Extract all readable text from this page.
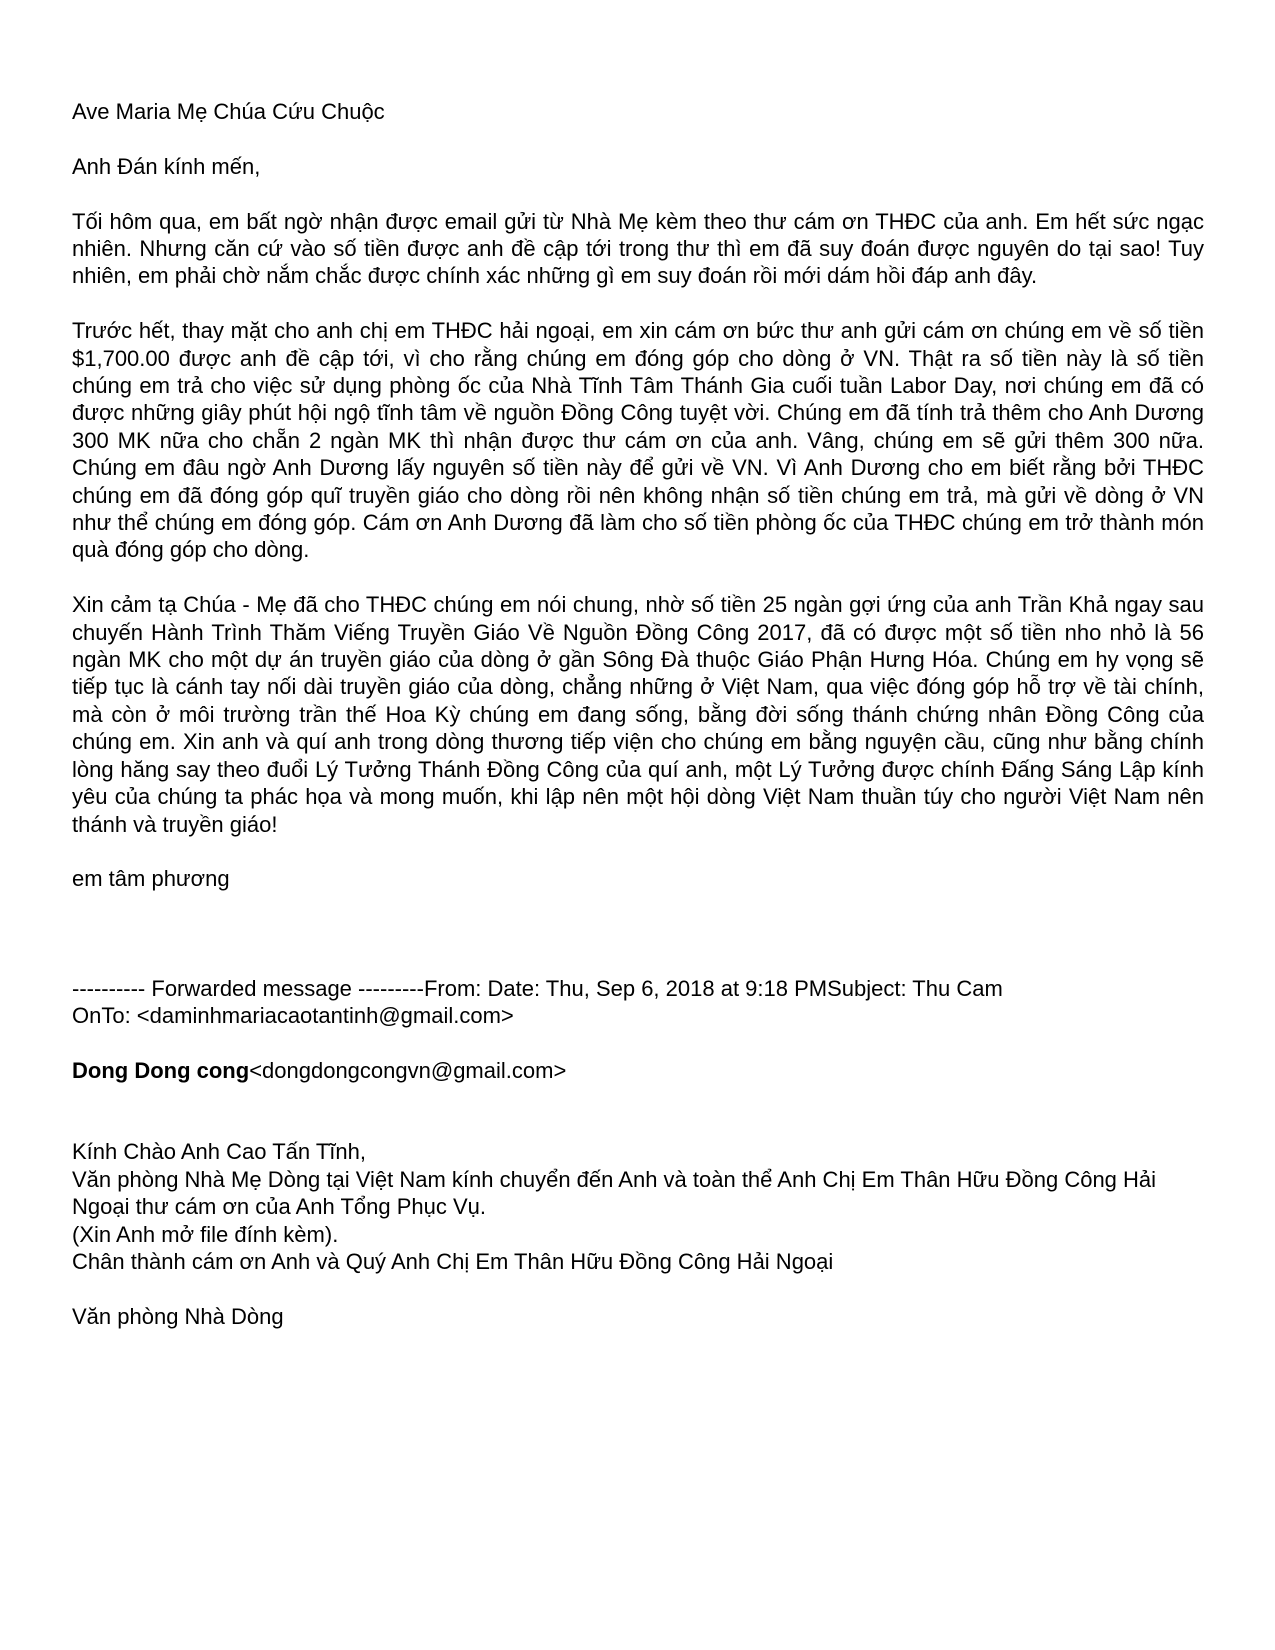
Ave Maria Mẹ Chúa Cứu Chuộc

Anh Đán kính mến,

Tối hôm qua, em bất ngờ nhận được email gửi từ Nhà Mẹ kèm theo thư cám ơn THĐC của anh. Em hết sức ngạc nhiên. Nhưng căn cứ vào số tiền được anh đề cập tới trong thư thì em đã suy đoán được nguyên do tại sao! Tuy nhiên, em phải chờ nắm chắc được chính xác những gì em suy đoán rồi mới dám hồi đáp anh đây.

Trước hết, thay mặt cho anh chị em THĐC hải ngoại, em xin cám ơn bức thư anh gửi cám ơn chúng em về số tiền $1,700.00 được anh đề cập tới, vì cho rằng chúng em đóng góp cho dòng ở VN. Thật ra số tiền này là số tiền chúng em trả cho việc sử dụng phòng ốc của Nhà Tĩnh Tâm Thánh Gia cuối tuần Labor Day, nơi chúng em đã có được những giây phút hội ngộ tĩnh tâm về nguồn Đồng Công tuyệt vời. Chúng em đã tính trả thêm cho Anh Dương 300 MK nữa cho chẵn 2 ngàn MK thì nhận được thư cám ơn của anh. Vâng, chúng em sẽ gửi thêm 300 nữa. Chúng em đâu ngờ Anh Dương lấy nguyên số tiền này để gửi về VN. Vì Anh Dương cho em biết rằng bởi THĐC chúng em đã đóng góp quĩ truyền giáo cho dòng rồi nên không nhận số tiền chúng em trả, mà gửi về dòng ở VN như thể chúng em đóng góp. Cám ơn Anh Dương đã làm cho số tiền phòng ốc của THĐC chúng em trở thành món quà đóng góp cho dòng.

Xin cảm tạ Chúa - Mẹ đã cho THĐC chúng em nói chung, nhờ số tiền 25 ngàn gợi ứng của anh Trần Khả ngay sau chuyến Hành Trình Thăm Viếng Truyền Giáo Về Nguồn Đồng Công 2017, đã có được một số tiền nho nhỏ là 56 ngàn MK cho một dự án truyền giáo của dòng ở gần Sông Đà thuộc Giáo Phận Hưng Hóa. Chúng em hy vọng sẽ tiếp tục là cánh tay nối dài truyền giáo của dòng, chẳng những ở Việt Nam, qua việc đóng góp hỗ trợ về tài chính, mà còn ở môi trường trần thế Hoa Kỳ chúng em đang sống, bằng đời sống thánh chứng nhân Đồng Công của chúng em. Xin anh và quí anh trong dòng thương tiếp viện cho chúng em bằng nguyện cầu, cũng như bằng chính lòng hăng say theo đuổi Lý Tưởng Thánh Đồng Công của quí anh, một Lý Tưởng được chính Đấng Sáng Lập kính yêu của chúng ta phác họa và mong muốn, khi lập nên một hội dòng Việt Nam thuần túy cho người Việt Nam nên thánh và truyền giáo!

em tâm phương

---------- Forwarded message ---------From: Date: Thu, Sep 6, 2018 at 9:18 PMSubject: Thu Cam

OnTo: <daminhmariacaotantinh@gmail.com>

Dong Dong cong<dongdongcongvn@gmail.com>

Kính Chào Anh Cao Tấn Tĩnh,

Văn phòng Nhà Mẹ Dòng tại Việt Nam kính chuyển đến Anh và toàn thể Anh Chị Em Thân Hữu Đồng Công Hải Ngoại thư cám ơn của Anh Tổng Phục Vụ.

(Xin Anh mở file đính kèm).

Chân thành cám ơn Anh và Quý Anh Chị Em Thân Hữu Đồng Công Hải Ngoại

Văn phòng Nhà Dòng
